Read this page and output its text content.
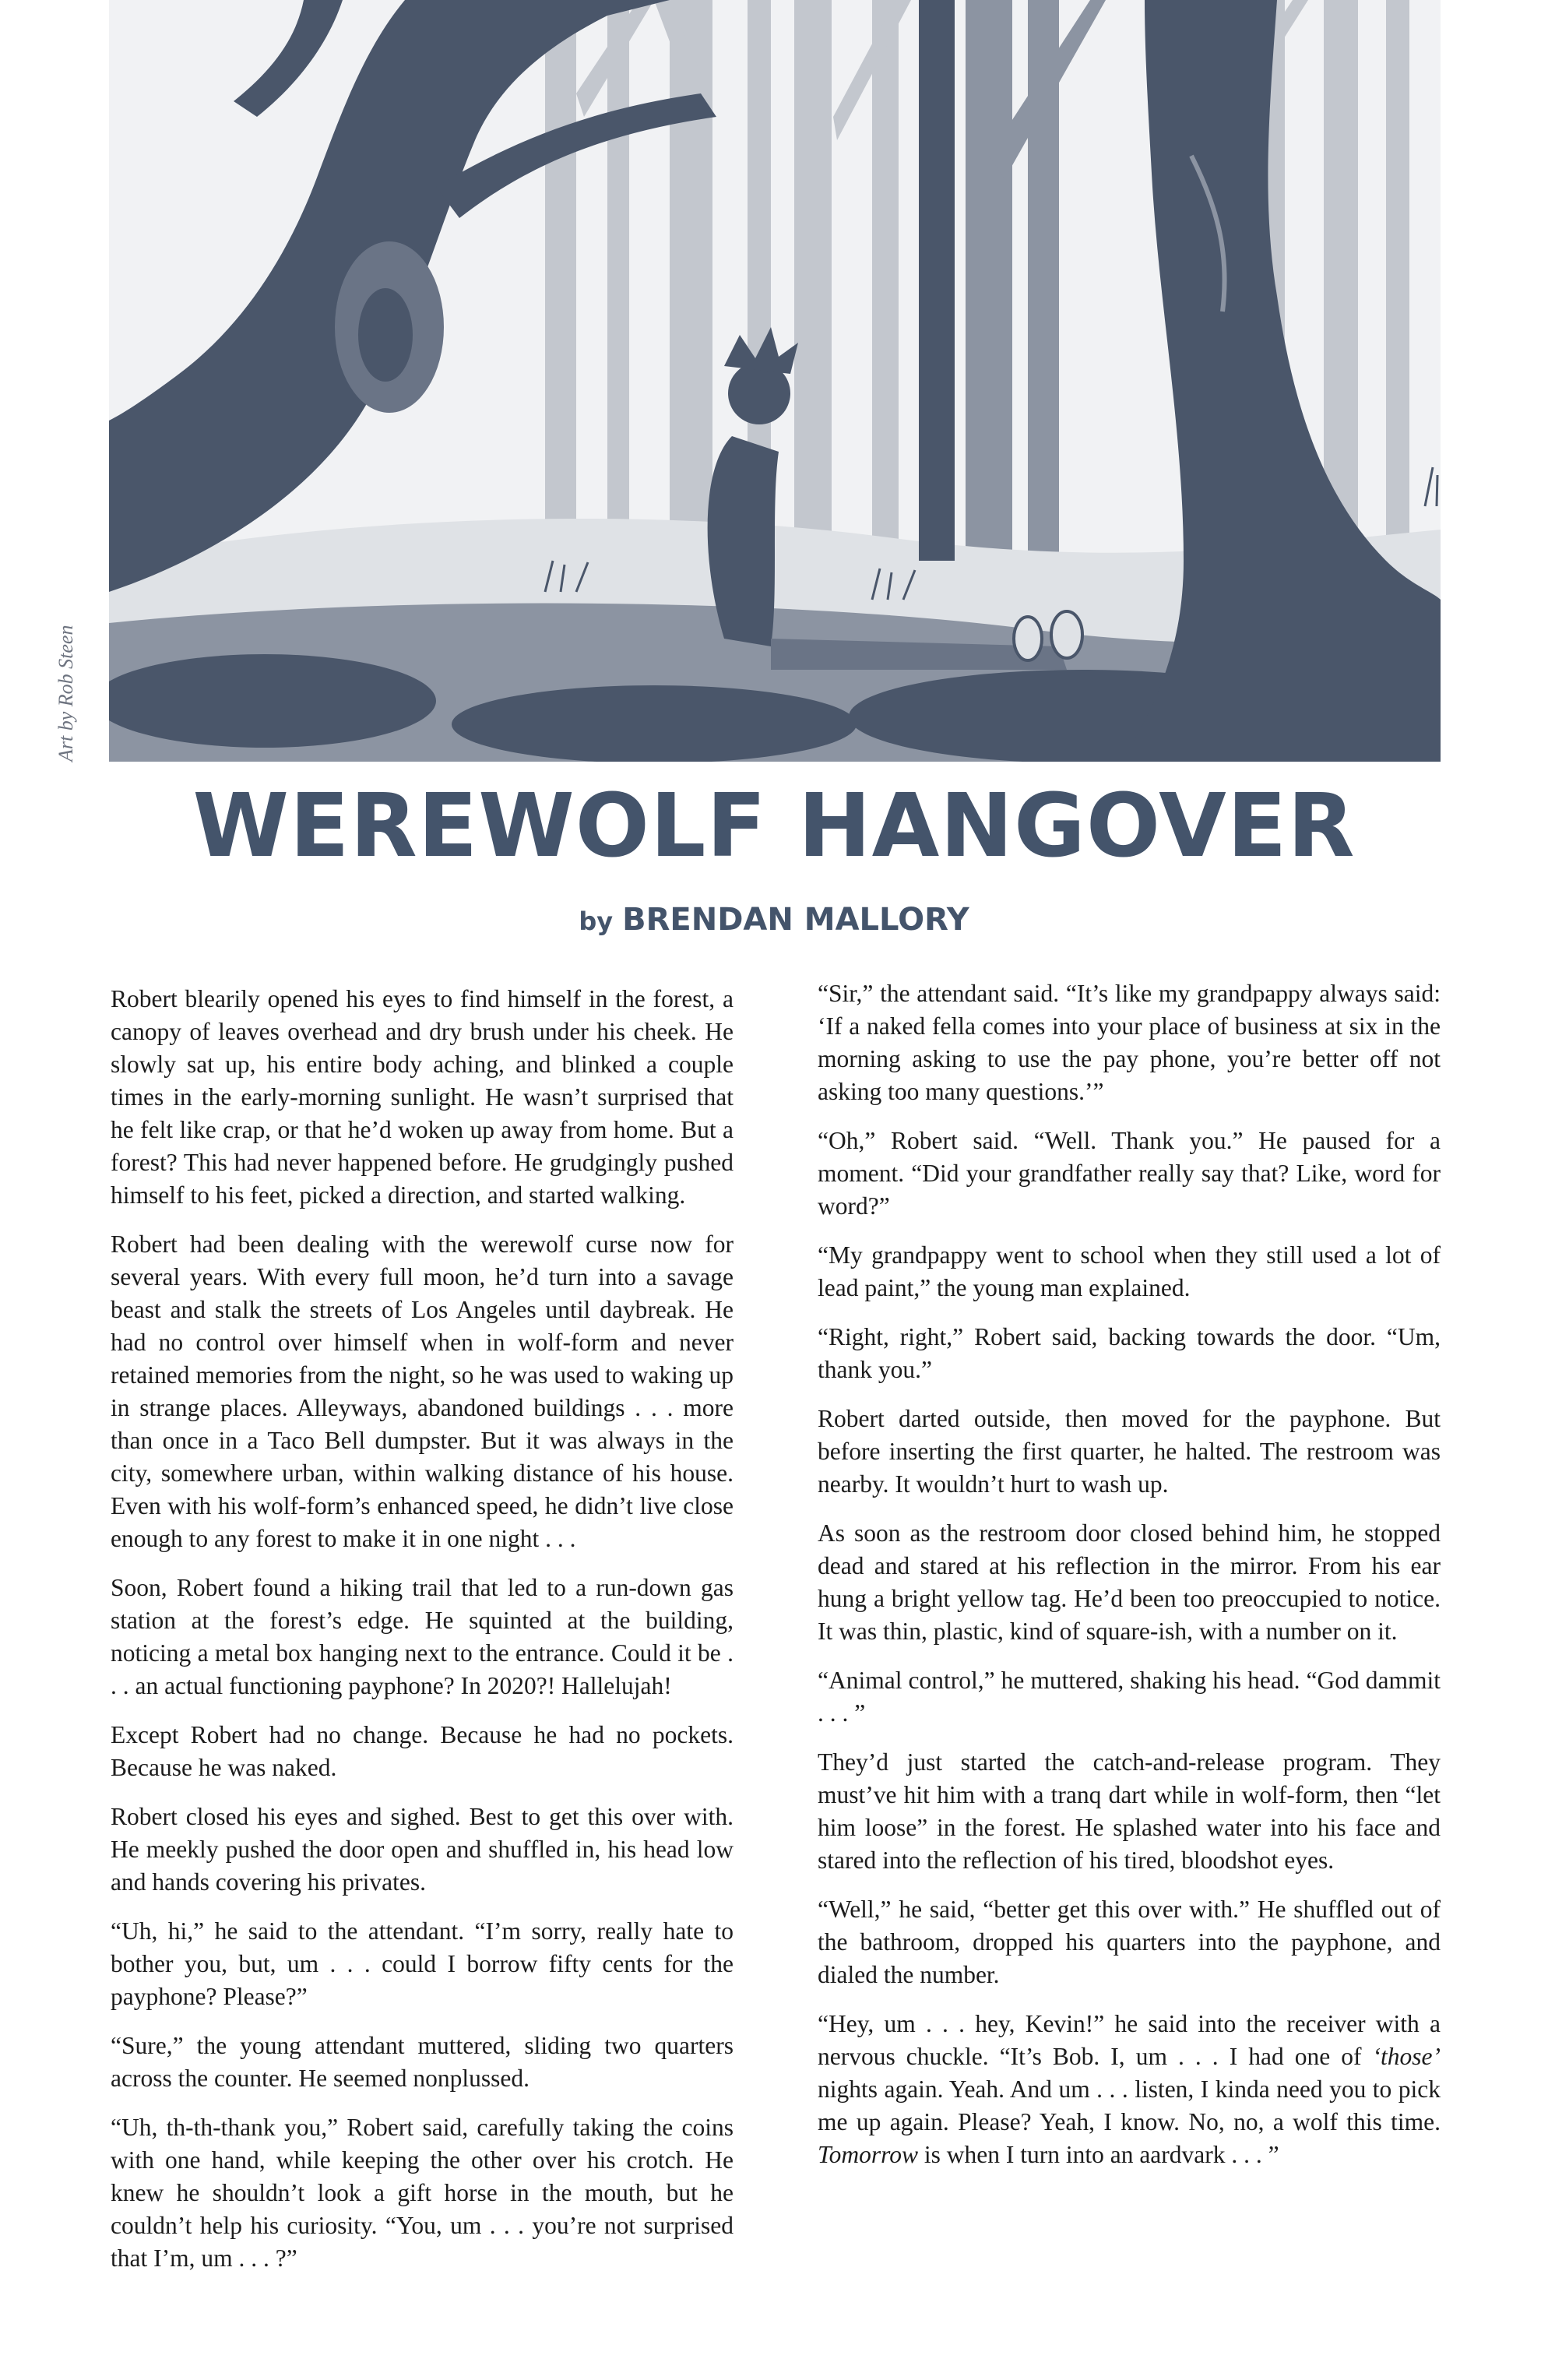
Art by Rob Steen
WEREWOLF HANGOVER
by BRENDAN MALLORY

Robert blearily opened his eyes to find himself in the forest, a canopy of leaves overhead and dry brush under his cheek. He slowly sat up, his entire body aching, and blinked a couple times in the early-morning sunlight. He wasn’t surprised that he felt like crap, or that he’d woken up away from home. But a forest? This had never happened before. He grudgingly pushed himself to his feet, picked a direction, and started walking.

Robert had been dealing with the werewolf curse now for several years. With every full moon, he’d turn into a savage beast and stalk the streets of Los Angeles until daybreak. He had no control over himself when in wolf-form and never retained memories from the night, so he was used to waking up in strange places. Alleyways, abandoned buildings . . . more than once in a Taco Bell dumpster. But it was always in the city, somewhere urban, within walking distance of his house. Even with his wolf-form’s enhanced speed, he didn’t live close enough to any forest to make it in one night . . .

Soon, Robert found a hiking trail that led to a run-down gas station at the forest’s edge. He squinted at the building, noticing a metal box hanging next to the entrance. Could it be . . . an actual functioning payphone? In 2020?! Hallelujah!

Except Robert had no change. Because he had no pockets. Because he was naked.

Robert closed his eyes and sighed. Best to get this over with. He meekly pushed the door open and shuffled in, his head low and hands covering his privates.

“Uh, hi,” he said to the attendant. “I’m sorry, really hate to bother you, but, um . . . could I borrow fifty cents for the payphone? Please?”

“Sure,” the young attendant muttered, sliding two quarters across the counter. He seemed nonplussed.

“Uh, th-th-thank you,” Robert said, carefully taking the coins with one hand, while keeping the other over his crotch. He knew he shouldn’t look a gift horse in the mouth, but he couldn’t help his curiosity. “You, um . . . you’re not surprised that I’m, um . . . ?”

“Sir,” the attendant said. “It’s like my grandpappy always said: ‘If a naked fella comes into your place of business at six in the morning asking to use the pay phone, you’re better off not asking too many questions.’”

“Oh,” Robert said. “Well. Thank you.” He paused for a moment. “Did your grandfather really say that? Like, word for word?”

“My grandpappy went to school when they still used a lot of lead paint,” the young man explained.

“Right, right,” Robert said, backing towards the door. “Um, thank you.”

Robert darted outside, then moved for the payphone. But before inserting the first quarter, he halted. The restroom was nearby. It wouldn’t hurt to wash up.

As soon as the restroom door closed behind him, he stopped dead and stared at his reflection in the mirror. From his ear hung a bright yellow tag. He’d been too preoccupied to notice. It was thin, plastic, kind of square-ish, with a number on it.

“Animal control,” he muttered, shaking his head. “God dammit . . . ”

They’d just started the catch-and-release program. They must’ve hit him with a tranq dart while in wolf-form, then “let him loose” in the forest. He splashed water into his face and stared into the reflection of his tired, bloodshot eyes.

“Well,” he said, “better get this over with.” He shuffled out of the bathroom, dropped his quarters into the payphone, and dialed the number.

“Hey, um . . . hey, Kevin!” he said into the receiver with a nervous chuckle. “It’s Bob. I, um . . . I had one of ‘those’ nights again. Yeah. And um . . . listen, I kinda need you to pick me up again. Please? Yeah, I know. No, no, a wolf this time. Tomorrow is when I turn into an aardvark . . . ”
